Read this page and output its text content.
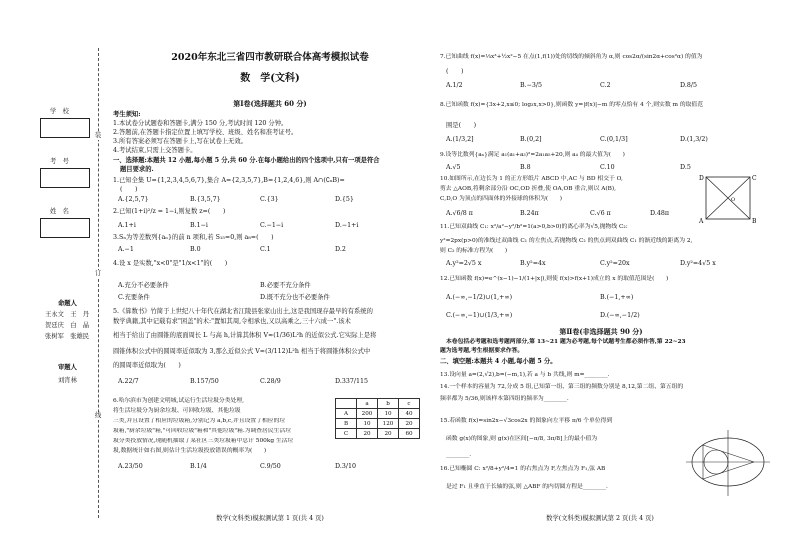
学　校
考　号
姓　名
装
订
线
命题人
王永文　王　丹
贺廷庆　白　晶
张树军　张雄民
审题人
刘宵林
2020年东北三省四市教研联合体高考模拟试卷
数　学(文科)
第Ⅰ卷(选择题共 60 分)
考生须知:
1.本试卷分试题卷和答题卡,满分 150 分,考试时间 120 分钟。
2.答题前,在答题卡指定位置上填写学校、班级、姓名和准考证号。
3.所有答案必须写在答题卡上,写在试卷上无效。
4.考试结束,只需上交答题卡。
一、选择题:本题共 12 小题,每小题 5 分,共 60 分.在每小题给出的四个选项中,只有一项是符合
题目要求的.
1.已知全集 U={1,2,3,4,5,6,7},集合 A={2,3,5,7},B={1,2,4,6},则 A∩(∁ᵤB)=
(　　)
A.{2,5,7}	B.{3,5,7}	C.{3}	D.{5}
2.已知(1+i)²/z = 1−i,则复数 z=(　　)
A.1+i	B.1−i	C.−1−i	D.−1+i
3.Sₙ为等差数列{aₙ}的前 n 项和,若 S₁₅=0,则 a₈=(　　)
A.−1	B.0	C.1	D.2
4.设 x 是实数,"x<0"是"1/x<1"的(　　)
A.充分不必要条件	B.必要不充分条件
C.充要条件	D.既不充分也不必要条件
5.《算数书》竹简于上世纪八十年代在湖北省江陵县张家山出土,这是我国现存最早的有系统的
数学典籍,其中记载有求"困盖"的术:"置如其周,令相承也,又以高乘之,三十六成一".该术
相当于给出了由圆锥的底面周长 L 与高 h,计算其体积 V≈(1/36)L²h 的近似公式.它实际上是将
圆锥体积公式中的圆周率近似取为 3,那么近似公式 V≈(3/112)L²h 相当于将圆锥体积公式中
的圆周率近似取为(　　)
A.22/7	B.157/50	C.28/9	D.337/115
6.哈尔滨市为创建文明城,试运行生活垃圾分类处理,
将生活垃圾分为厨余垃圾、可回收垃圾、其他垃圾
三类,并且设置了相应的垃圾箱,分别记为 a,b,c,并且设置了相应的垃
圾箱,"厨余垃圾"箱,"可回收垃圾"箱和"其他垃圾"箱.为调查居民生活垃
圾分类投放情况,现随机抽取了某社区三类垃圾箱中总计 500kg 生活垃
圾,数据统计如右图,则估计生活垃圾投放错误的概率为(　　)
	a	b	c
A	200	10	40
B	10	120	20
C	20	20	60
A.23/50	B.1/4	C.9/50	D.3/10
数学(文科类)模拟测试第 1 页(共 4 页)
7.已知曲线 f(x)=⅓x³+½x²−5 在点(1,f(1))处的切线的倾斜角为 α,则 cos2α/(sin2α+cos²α) 的值为
(　　)
A.1/2	B.−3/5	C.2	D.8/5
8.已知函数 f(x)={3x+2,x≤0; log₃x,x>0},则函数 y=|f(x)|−m 的零点恰有 4 个,则实数 m 的取值范
围是(　　)
A.(1/3,2]	B.(0,2]	C.(0,1/3]	D.(1,3/2)
9.设等比数列{aₙ}满足 a₁(a₁+a₃)²=2a₁a₅+20,则 a₄ 的最大值为(　　)
A.√5	B.8	C.10	D.5
10.如图所示,在边长为 1 的正方形纸片 ABCD 中,AC 与 BD 相交于 O,
剪去 △AOB,将剩余部分沿 OC,OD 折叠,使 OA,OB 重合,则以 A(B),
C,D,O 为顶点的四面体的外接球的体积为(　　)
A.√6/8 π	B.24π	C.√6 π	D.48π
D	C
A	B
O
11.已知双曲线 C₁: x²/a²−y²/b²=1(a>0,b>0)的离心率为√5,抛物线 C₂:
y²=2px(p>0)的准线过双曲线 C₁ 的左焦点,若抛物线 C₂ 的焦点到双曲线 C₁ 的渐近线的距离为 2,
则 C₂ 的标准方程为(　　)
A.y²=2√5 x	B.y²=4x	C.y²=20x	D.y²=4√5 x
12.已知函数 f(x)=e^(x−1)−1/(1+|x|),则使 f(x)>f(x+1)成立的 x 的取值范围是(　　)
A.(−∞,−1/2)∪(1,+∞)	B.(−1,+∞)
C.(−∞,−1)∪(1/3,+∞)	D.(−∞,−1/2)
第Ⅱ卷(非选择题共 90 分)
本卷包括必考题和选考题两部分,第 13~21 题为必考题,每个试题考生都必须作答,第 22~23
题为选考题,考生根据要求作答。
二、填空题:本题共 4 小题,每小题 5 分。
13.设向量 a=(2,√2),b=(−m,1),若 a 与 b 共线,则 m=________.
14.一个样本的容量为 72,分成 5 组,已知第一组、第三组的频数分别是 8,12,第二组、第五组的
频率都为 5/36,则该样本第四组的频率为________.
15.若函数 f(x)=sin2x−√3cos2x 的图象向左平移 π/6 个单位得到
函数 g(x)的图象,则 g(x)在区间[−π/8, 3π/8]上的最小值为
________.
16.已知椭圆 C: x²/8+y²/4=1 的右焦点为 F,左焦点为 F₁,弦 AB
是过 F₁ 且垂直于长轴的弦,则 △ABF 的内切圆方程是________.
数学(文科类)模拟测试第 2 页(共 4 页)
